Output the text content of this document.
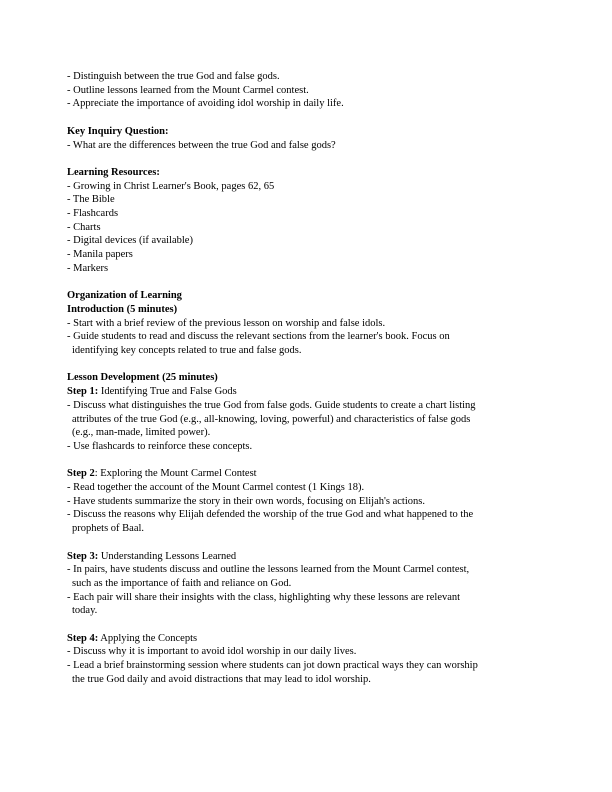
- Distinguish between the true God and false gods.
- Outline lessons learned from the Mount Carmel contest.
- Appreciate the importance of avoiding idol worship in daily life.
Key Inquiry Question:
- What are the differences between the true God and false gods?
Learning Resources:
- Growing in Christ Learner's Book, pages 62, 65
- The Bible
- Flashcards
- Charts
- Digital devices (if available)
- Manila papers
- Markers
Organization of Learning
Introduction (5 minutes)
- Start with a brief review of the previous lesson on worship and false idols.
- Guide students to read and discuss the relevant sections from the learner's book. Focus on
identifying key concepts related to true and false gods.
Lesson Development (25 minutes)
Step 1: Identifying True and False Gods
- Discuss what distinguishes the true God from false gods. Guide students to create a chart listing
attributes of the true God (e.g., all-knowing, loving, powerful) and characteristics of false gods
(e.g., man-made, limited power).
- Use flashcards to reinforce these concepts.
Step 2: Exploring the Mount Carmel Contest
- Read together the account of the Mount Carmel contest (1 Kings 18).
- Have students summarize the story in their own words, focusing on Elijah's actions.
- Discuss the reasons why Elijah defended the worship of the true God and what happened to the
prophets of Baal.
Step 3: Understanding Lessons Learned
- In pairs, have students discuss and outline the lessons learned from the Mount Carmel contest,
such as the importance of faith and reliance on God.
- Each pair will share their insights with the class, highlighting why these lessons are relevant
today.
Step 4: Applying the Concepts
- Discuss why it is important to avoid idol worship in our daily lives.
- Lead a brief brainstorming session where students can jot down practical ways they can worship
the true God daily and avoid distractions that may lead to idol worship.
